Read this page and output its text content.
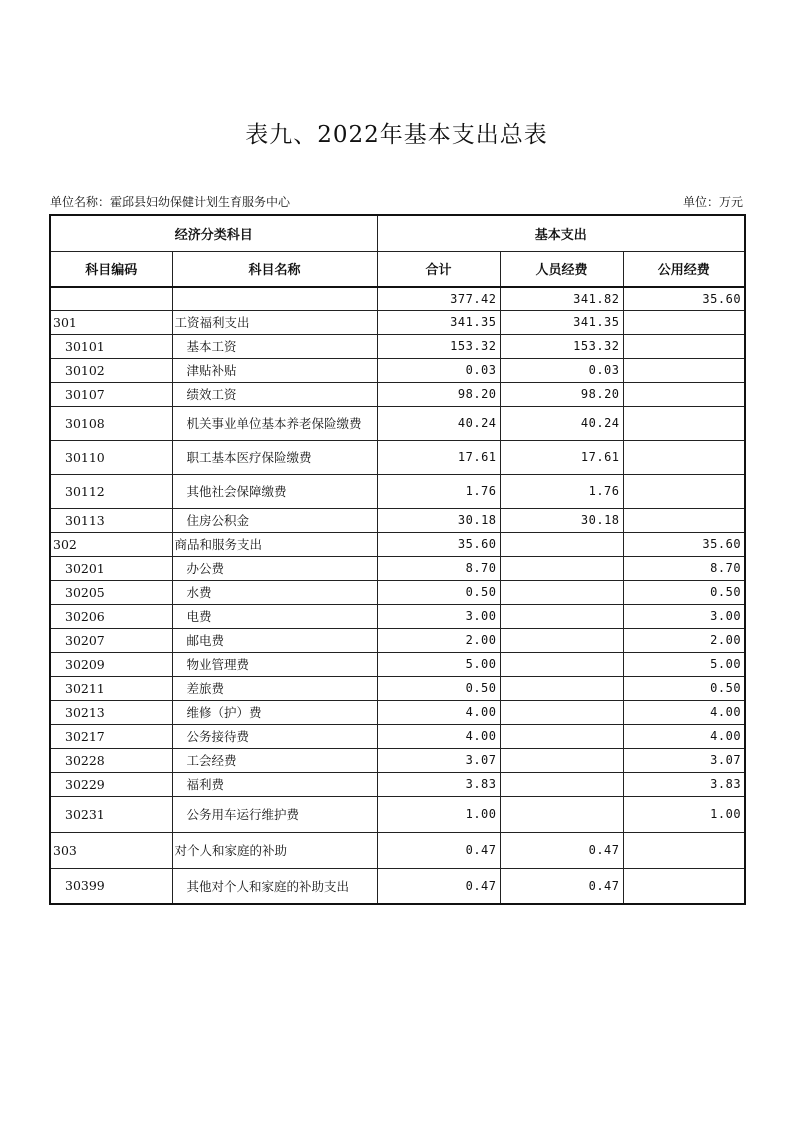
表九、2022年基本支出总表
单位名称：霍邱县妇幼保健计划生育服务中心	单位：万元
经济分类科目		基本支出		
科目编码	科目名称	合计	人员经费	公用经费
		377.42	341.82	35.60
301	工资福利支出	341.35	341.35	
30101	基本工资	153.32	153.32	
30102	津贴补贴	0.03	0.03	
30107	绩效工资	98.20	98.20	
30108	机关事业单位基本养老保险缴费	40.24	40.24	
30110	职工基本医疗保险缴费	17.61	17.61	
30112	其他社会保障缴费	1.76	1.76	
30113	住房公积金	30.18	30.18	
302	商品和服务支出	35.60		35.60
30201	办公费	8.70		8.70
30205	水费	0.50		0.50
30206	电费	3.00		3.00
30207	邮电费	2.00		2.00
30209	物业管理费	5.00		5.00
30211	差旅费	0.50		0.50
30213	维修（护）费	4.00		4.00
30217	公务接待费	4.00		4.00
30228	工会经费	3.07		3.07
30229	福利费	3.83		3.83
30231	公务用车运行维护费	1.00		1.00
303	对个人和家庭的补助	0.47	0.47	
30399	其他对个人和家庭的补助支出	0.47	0.47	
